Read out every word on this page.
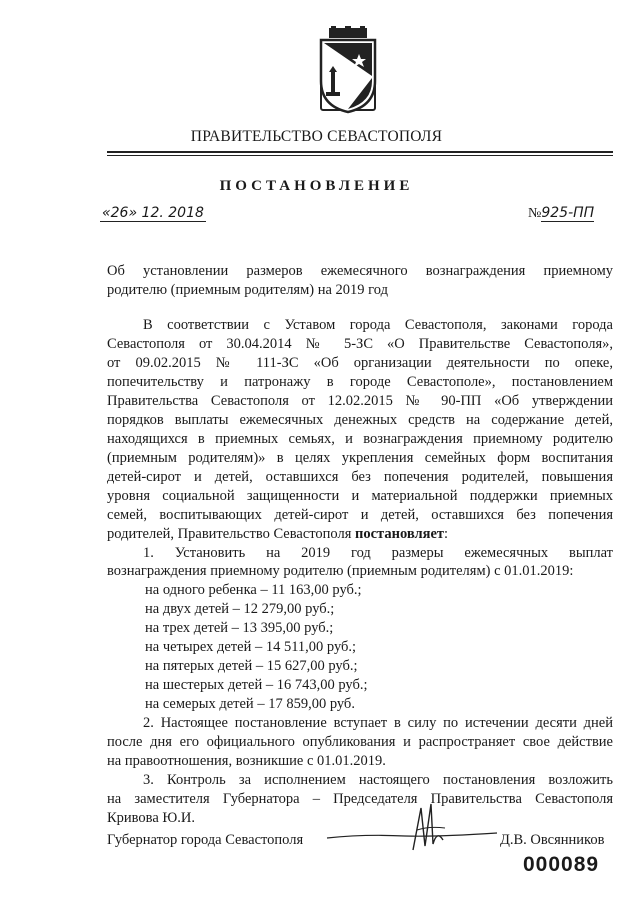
ПРАВИТЕЛЬСТВО СЕВАСТОПОЛЯ
ПОСТАНОВЛЕНИЕ
«26» 12. 2018	№925-ПП
Об установлении размеров ежемесячного вознаграждения приемному
родителю (приемным родителям) на 2019 год
В соответствии с Уставом города Севастополя, законами города
Севастополя от 30.04.2014 № 5-ЗС «О Правительстве Севастополя»,
от 09.02.2015 № 111-ЗС «Об организации деятельности по опеке,
попечительству и патронажу в городе Севастополе», постановлением
Правительства Севастополя от 12.02.2015 № 90-ПП «Об утверждении
порядков выплаты ежемесячных денежных средств на содержание детей,
находящихся в приемных семьях, и вознаграждения приемному родителю
(приемным родителям)» в целях укрепления семейных форм воспитания
детей-сирот и детей, оставшихся без попечения родителей, повышения
уровня социальной защищенности и материальной поддержки приемных
семей, воспитывающих детей-сирот и детей, оставшихся без попечения
родителей, Правительство Севастополя постановляет:
1. Установить на 2019 год размеры ежемесячных выплат
вознаграждения приемному родителю (приемным родителям) с 01.01.2019:
на одного ребенка – 11 163,00 руб.;
на двух детей – 12 279,00 руб.;
на трех детей – 13 395,00 руб.;
на четырех детей – 14 511,00 руб.;
на пятерых детей – 15 627,00 руб.;
на шестерых детей – 16 743,00 руб.;
на семерых детей – 17 859,00 руб.
2. Настоящее постановление вступает в силу по истечении десяти дней
после дня его официального опубликования и распространяет свое действие
на правоотношения, возникшие с 01.01.2019.
3. Контроль за исполнением настоящего постановления возложить
на заместителя Губернатора – Председателя Правительства Севастополя
Кривова Ю.И.
Губернатор города Севастополя	Д.В. Овсянников
000089
